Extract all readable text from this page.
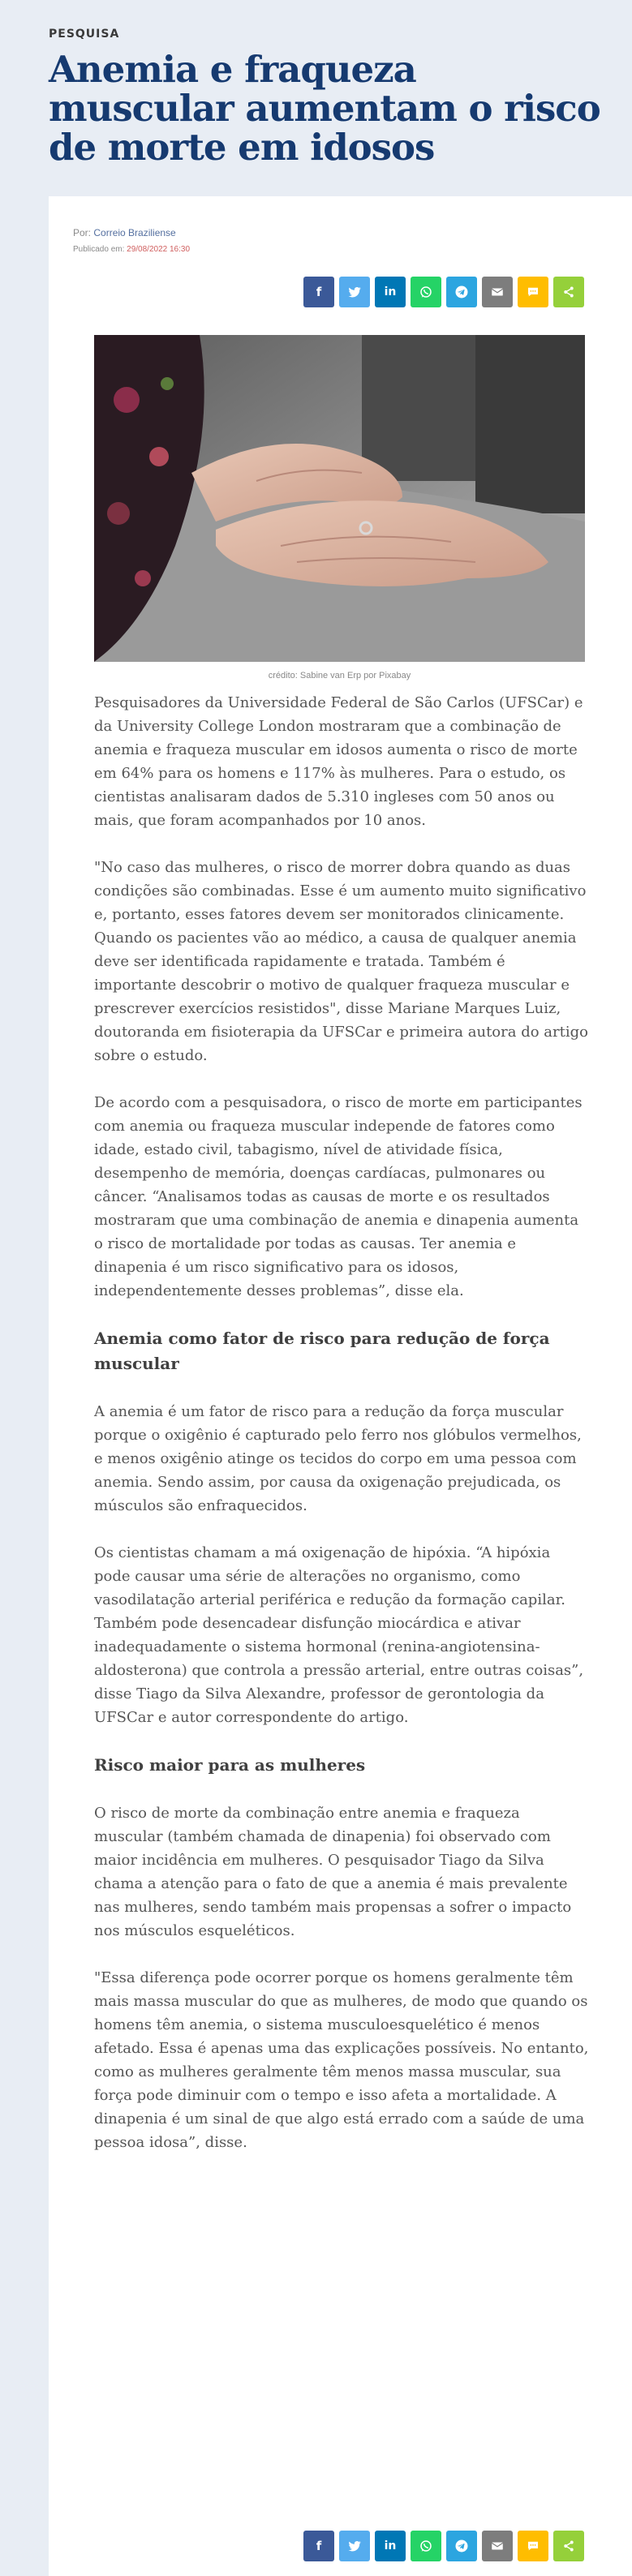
PESQUISA
Anemia e fraqueza muscular aumentam o risco de morte em idosos
Por: Correio Braziliense
Publicado em: 29/08/2022 16:30
f	in
crédito: Sabine van Erp por Pixabay

Pesquisadores da Universidade Federal de São Carlos (UFSCar) e da University College London mostraram que a combinação de anemia e fraqueza muscular em idosos aumenta o risco de morte em 64% para os homens e 117% às mulheres. Para o estudo, os cientistas analisaram dados de 5.310 ingleses com 50 anos ou mais, que foram acompanhados por 10 anos.

"No caso das mulheres, o risco de morrer dobra quando as duas condições são combinadas. Esse é um aumento muito significativo e, portanto, esses fatores devem ser monitorados clinicamente. Quando os pacientes vão ao médico, a causa de qualquer anemia deve ser identificada rapidamente e tratada. Também é importante descobrir o motivo de qualquer fraqueza muscular e prescrever exercícios resistidos", disse Mariane Marques Luiz, doutoranda em fisioterapia da UFSCar e primeira autora do artigo sobre o estudo.

De acordo com a pesquisadora, o risco de morte em participantes com anemia ou fraqueza muscular independe de fatores como idade, estado civil, tabagismo, nível de atividade física, desempenho de memória, doenças cardíacas, pulmonares ou câncer. “Analisamos todas as causas de morte e os resultados mostraram que uma combinação de anemia e dinapenia aumenta o risco de mortalidade por todas as causas. Ter anemia e dinapenia é um risco significativo para os idosos, independentemente desses problemas”, disse ela.

Anemia como fator de risco para redução de força muscular

A anemia é um fator de risco para a redução da força muscular porque o oxigênio é capturado pelo ferro nos glóbulos vermelhos, e menos oxigênio atinge os tecidos do corpo em uma pessoa com anemia. Sendo assim, por causa da oxigenação prejudicada, os músculos são enfraquecidos.

Os cientistas chamam a má oxigenação de hipóxia. “A hipóxia pode causar uma série de alterações no organismo, como vasodilatação arterial periférica e redução da formação capilar. Também pode desencadear disfunção miocárdica e ativar inadequadamente o sistema hormonal (renina-angiotensina-aldosterona) que controla a pressão arterial, entre outras coisas”, disse Tiago da Silva Alexandre, professor de gerontologia da UFSCar e autor correspondente do artigo.

Risco maior para as mulheres

O risco de morte da combinação entre anemia e fraqueza muscular (também chamada de dinapenia) foi observado com maior incidência em mulheres. O pesquisador Tiago da Silva chama a atenção para o fato de que a anemia é mais prevalente nas mulheres, sendo também mais propensas a sofrer o impacto nos músculos esqueléticos.

"Essa diferença pode ocorrer porque os homens geralmente têm mais massa muscular do que as mulheres, de modo que quando os homens têm anemia, o sistema musculoesquelético é menos afetado. Essa é apenas uma das explicações possíveis. No entanto, como as mulheres geralmente têm menos massa muscular, sua força pode diminuir com o tempo e isso afeta a mortalidade. A dinapenia é um sinal de que algo está errado com a saúde de uma pessoa idosa”, disse.

f	in
